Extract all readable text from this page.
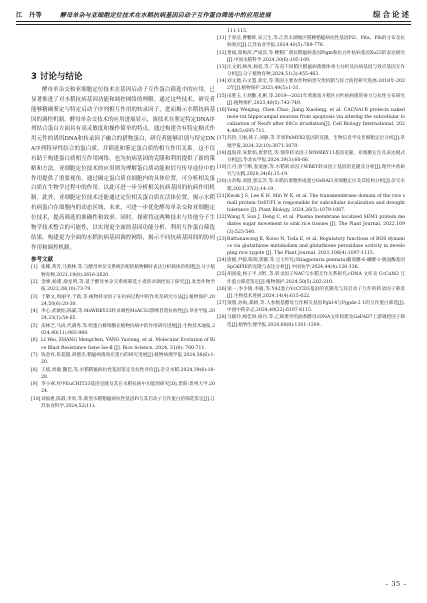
江　丹等	酵母单杂与亚细胞定位技术在水稻抗病基因启动子互作蛋白筛选中的应用进展	综合论述
3 讨论与结论
酵母单杂交和亚细胞定位技术在基因启动子互作蛋白筛选中的应用，已显著推进了对水稻抗病基因功能和调控网络的理解。通过这些技术，研究者能够精确鉴定与特定启动子序列相互作用的转录因子，进而揭示水稻抗病基因的调控机制。酵母单杂交技术的应用进展显示，该技术在鉴定特定DNA序列结合蛋白方面具有高灵敏度和操作简单的特点，通过构建含有特定顺式作用元件的诱饵DNA和转录因子融合的猎物蛋白，研究者能够识别与特定DNA序列特异性结合的蛋白质，并筛选和鉴定蛋白质的相互作用关系。这不仅有助于构建蛋白质相互作用网络，也为抗病基因的克隆和利用提供了新的策略和方法。亚细胞定位技术的应用则为理解蛋白质功能和信号传导途径中的作用提供了重要视角。通过确定蛋白质在细胞内的具体位置，可分析相关蛋白质在生物学过程中的作用。以此可进一步分析相关抗病基因的抗病作用机制。此外，亚细胞定位技术还能通过定位相关蛋白质在活体位置，揭示水稻抗病蛋白在细胞内的动态区域，未来，可进一步优化酵母单杂交和亚细胞定位技术，提高筛选的准确性和效率。同时，探索将这两种技术与其他分子生物学技术整合的可能性，以实现更全面的基因功能分析。利用互作蛋白筛选结果，构建更为全面的水稻抗病基因调控网络，揭示不同抗病基因间的协同作用和调控机制。
参考文献
[1] 张娜,黄芳,马燕林,等.与酵母单杂交系统匹配的植物瞬时表达分析载体的构建[J].分子植物育种,2021,19(8):2616-2620.
[2] 金嫦,杨瑾,俞星明,等.基于酵母单杂交系统筛选小麦转录调控因子研究[J].麦类作物学报,2022,38(10):73-79.
[3] 于敬文,周丽平,于新,等.植物转录因子在抗病过程中的作用及研究方法[J].植物保护,2024,50(6):20-30.
[4] 李心,武敏仙,陈霖,等.MsWRKY33转录调控MsACS2影响苜蓿抗病性[J].草业学报,2024,33(1):54-65.
[5] 乐林芝,马尚,代满秀,等.组蛋白修饰酶在植物抗病中的作用研究进展[J].生物技术通报,2024,40(11):983-989.
[6] LI Wei, ZHANG Mengchen, YANG Yaolong, et al. Molecular Evolution of Rice Blast Resistance Gene Ise-Ⅱ [J]. Rice Science, 2024, 31(6): 700-711.
[7] 钱金祥,崔超越,胡德杰.稻瘟病菌效应蛋白的研究进展[J].植物病理学报,2024,36(6):1-20.
[8] 王斌,周敏,魏佳,等.水稻稻瘟病抗性基因鉴定及抗性评价[J].杂交水稻,2024,39(6):18-28.
[9] 李小翠.杜甲EuCHIT33基因克隆及其在水稻抗病中功能的研究[D].贵阳:贵州大学,2024.
[10]刘福惠,陈淑,李勇,等.新型水稻稻瘟病抗性基因Pi与其启动子互作蛋白的筛选鉴定[J].江苏农业科学,2024,52(11):
111-115.
[11]于春洁,曹鹏辉,宋云生,等.江苏太湖地区稻粳稻瘟病抗性基因Pi2、Pita、Pib的分布及抗病效应[J].江苏农业学报,2024,40(5):769-776.
[12]黄斌,郑梅萍,严成其,等.粳稻广谱抗稻瘟病基因Pigm和抗白叶枯病基因Xa23的表达研究[J].中国水稻科学,2024,30(6):105-109.
[13]汪文娟,顾凤,杨蓓,等.广东省不同稻区稻瘟病菌群体毒力分析及抗病基因与效应基因互作分析[J].分子植物育种,2024,51(3):455-463.
[14]刘文德,石文慧,郑宏,等.我国主要农作物病害灾变机制与综合防控研究进展:2018年-2022年[J].植物保护,2023,49(5):1-31.
[15]田胜玉,王炳勤,孔彬,等.2019—2021年黄淮南方稻区白叶枯病菌的毒力与抗性分布研究[J].植物保护,2023,49(5):743-749.
[16]Yang Wenjing, Chen Chao, Jiang Xiaoleng, et al. CACNA1B protects naked mole-rat hippocampal neurons from apoptosis via altering the subcellular localization of NeuN after 60Co irradiation[J]. Cell Biology International, 2024,48(5):695-711.
[17]苏热,王刚,韩子,刘静,等.苹果PbMYB2基因的克隆、生物信息学及亚细胞定位分析[J].草地学报,2024,32(10):3071-3079.
[18]温海萍,朱紫娟,唐梦佳,等.烟草转录因子NtWRKY11基因克隆、亚细胞定位及表达模式分析[J].华北农学报,2024,39(3):60-66.
[19]江丹,曾宁顺,张爱丽,等.水稻转录因子WRKY转录因子基因的克隆及分析[J].现代中药研究与实践,2020,34(6):15-19.
[20]山章梅,刘澄,郭志芳,等.水稻抗谱胞形成蛋白OsRAI1亚细胞定位及其结构分析[J].杂交水稻,2021,37(2):14-19.
[21]Kwak J S, Lee K H, Min W K, et al. The transmembrane domain of the rice small protein OsSUFI is responsible for subcellular localization and drought tolerance [J]. Plant Biology, 2024,26(5):1079-1087.
[22]Wang Y, Sun J, Deng C, et al. Plasma membrane localized SEM1 protein mediates sugar movement to sink rice tissues [J]. The Plant Journal, 2022,109(3):523-540.
[23]Rattanawong K, Koiso N, Toda E, et al. Regulatory functions of ROS dynamics via glutathione metabolism and glutathione peroxidase activity in developing rice zygote [J]. The Plant Journal, 2021,108(4):1097-1115.
[24]唐媛,尹稳,陈瑞,郭静,等.豆七叶礼(Stiagpoteria pennata)葡萄糖-6-磷酸-1-脱氢酶基因SpG6PIE的克隆与表达分析[J].中国农学,2024,44(4):126-136.
[25]胡国爱,杨子平,刘红,等.转录因子NAC与水稻互作关系研究;cDNA 文库及 CcCaM2 互作蛋白筛选鉴定[J].植物保护,2024,50(5):202-210.
[26]梁一,李少镇,李敏,等.Y42蛋白VcCCD3基因的克隆及与其启动子互作的转录因子筛选[J].生物技术进展,2024,14(4):615-622.
[27]梁悠,孙海,郑树,等.人参根基酵母互作相关基因Pgb14与Pgpdz-2 1的互作蛋白筛选[J].中国中药杂志,2024,49(22):6107-6115.
[28]马晓玲,顾佳妍,柏丹,等.乙烯诱导的油茶酵母cDNA文库构建及GaFAD7上游调控因子筛选[J].植物生理学报,2024,60(8):1301-1309.
– 35 –
